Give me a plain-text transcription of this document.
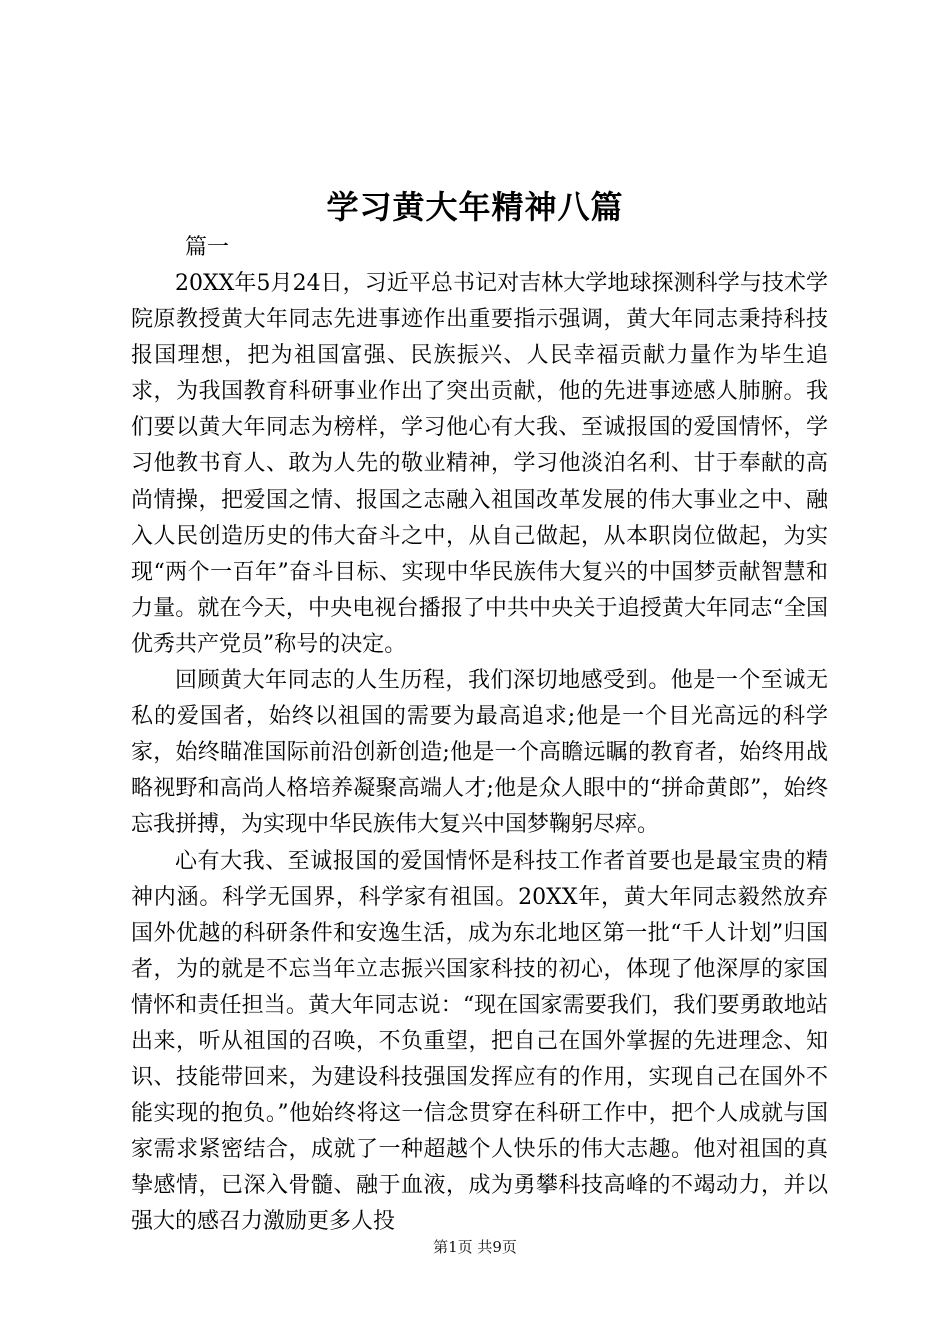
学习黄大年精神八篇

篇一

20XX年5月24日，习近平总书记对吉林大学地球探测科学与技术学院原教授黄大年同志先进事迹作出重要指示强调，黄大年同志秉持科技报国理想，把为祖国富强、民族振兴、人民幸福贡献力量作为毕生追求，为我国教育科研事业作出了突出贡献，他的先进事迹感人肺腑。我们要以黄大年同志为榜样，学习他心有大我、至诚报国的爱国情怀，学习他教书育人、敢为人先的敬业精神，学习他淡泊名利、甘于奉献的高尚情操，把爱国之情、报国之志融入祖国改革发展的伟大事业之中、融入人民创造历史的伟大奋斗之中，从自己做起，从本职岗位做起，为实现“两个一百年”奋斗目标、实现中华民族伟大复兴的中国梦贡献智慧和力量。就在今天，中央电视台播报了中共中央关于追授黄大年同志“全国优秀共产党员”称号的决定。

回顾黄大年同志的人生历程，我们深切地感受到。他是一个至诚无私的爱国者，始终以祖国的需要为最高追求;他是一个目光高远的科学家，始终瞄准国际前沿创新创造;他是一个高瞻远瞩的教育者，始终用战略视野和高尚人格培养凝聚高端人才;他是众人眼中的“拼命黄郎”，始终忘我拼搏，为实现中华民族伟大复兴中国梦鞠躬尽瘁。

心有大我、至诚报国的爱国情怀是科技工作者首要也是最宝贵的精神内涵。科学无国界，科学家有祖国。20XX年，黄大年同志毅然放弃国外优越的科研条件和安逸生活，成为东北地区第一批“千人计划”归国者，为的就是不忘当年立志振兴国家科技的初心，体现了他深厚的家国情怀和责任担当。黄大年同志说：“现在国家需要我们，我们要勇敢地站出来，听从祖国的召唤，不负重望，把自己在国外掌握的先进理念、知识、技能带回来，为建设科技强国发挥应有的作用，实现自己在国外不能实现的抱负。”他始终将这一信念贯穿在科研工作中，把个人成就与国家需求紧密结合，成就了一种超越个人快乐的伟大志趣。他对祖国的真挚感情，已深入骨髓、融于血液，成为勇攀科技高峰的不竭动力，并以强大的感召力激励更多人投

第1页 共9页
